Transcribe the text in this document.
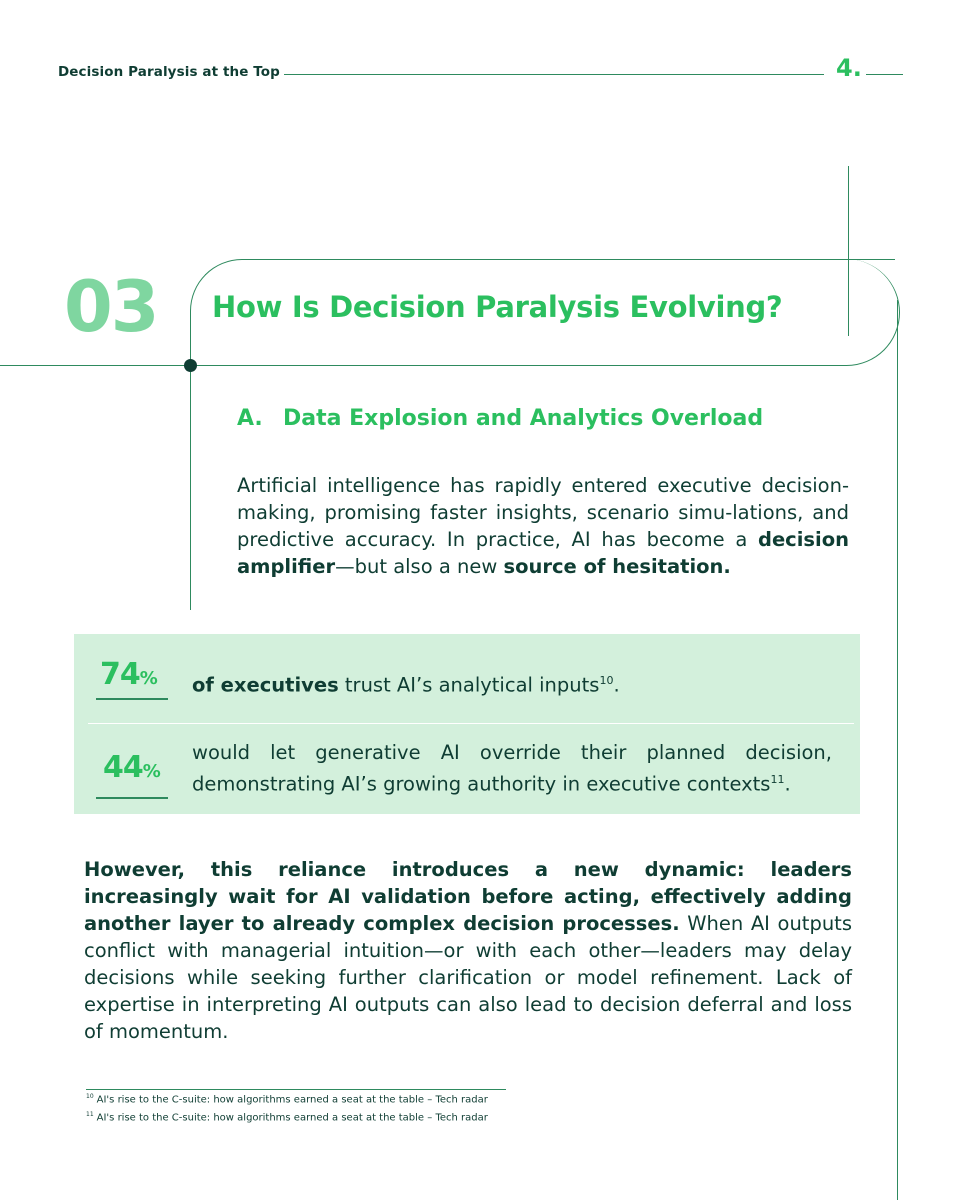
Decision Paralysis at the Top	4.
03 How Is Decision Paralysis Evolving?
A. Data Explosion and Analytics Overload
Artificial intelligence has rapidly entered executive decision-making, promising faster insights, scenario simu-lations, and predictive accuracy. In practice, AI has become a decision amplifier—but also a new source of hesitation.
74% of executives trust AI’s analytical inputs$^{10}$.
44%
would let generative AI override their planned decision, demonstrating AI’s growing authority in executive contexts$^{11}$.
However, this reliance introduces a new dynamic: leaders increasingly wait for AI validation before acting, effectively adding another layer to already complex decision processes. When AI outputs conflict with managerial intuition—or with each other—leaders may delay decisions while seeking further clarification or model refinement. Lack of expertise in interpreting AI outputs can also lead to decision deferral and loss of momentum.
$^{10}$ AI's rise to the C-suite: how algorithms earned a seat at the table – Tech radar
$^{11}$ AI's rise to the C-suite: how algorithms earned a seat at the table – Tech radar
